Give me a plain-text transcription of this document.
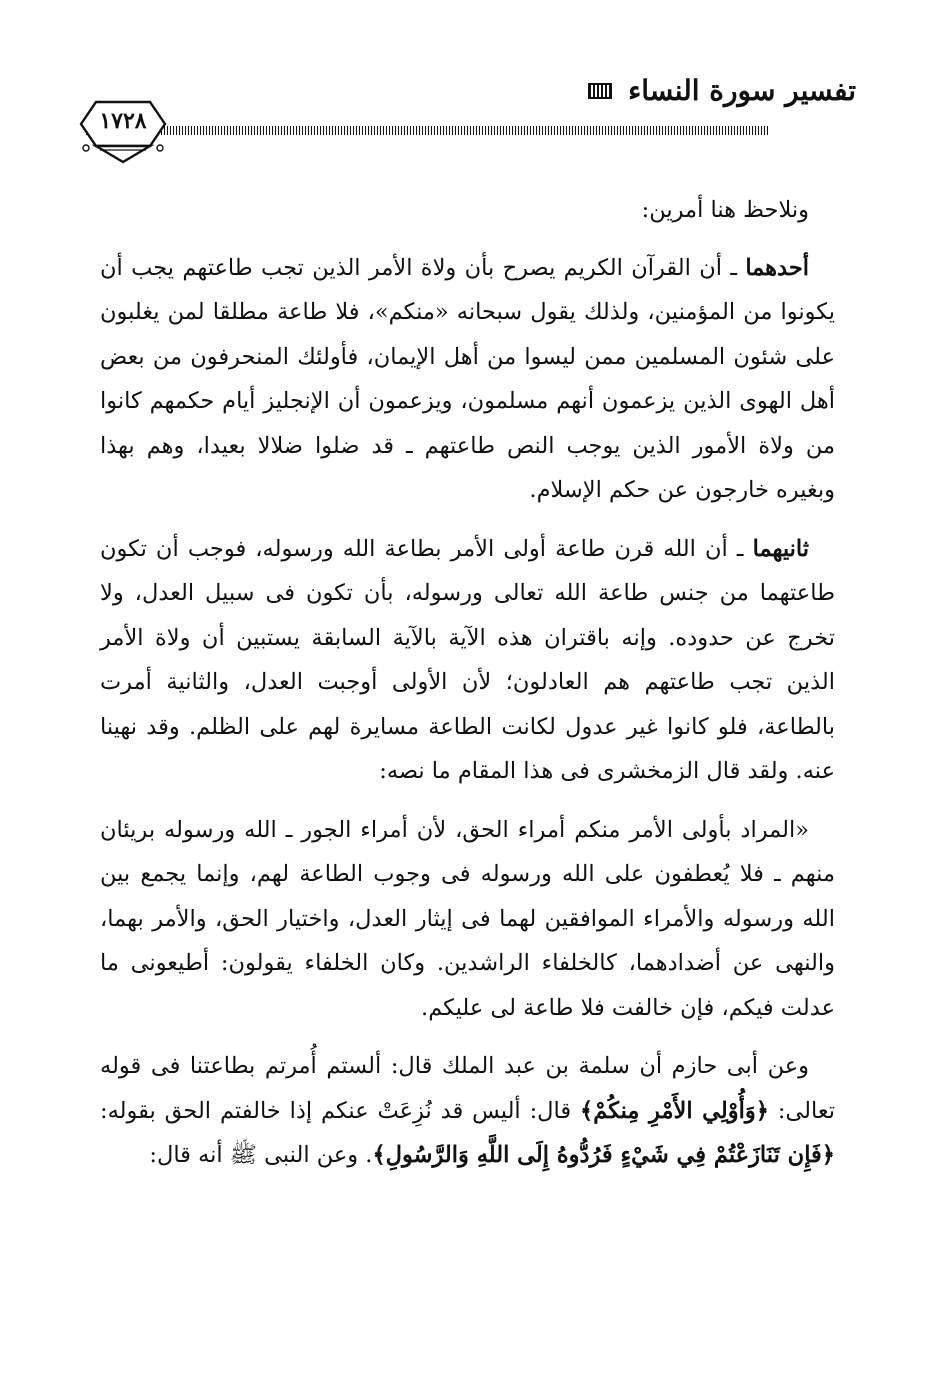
تفسير سورة النساء
١٧٢٨

ونلاحظ هنا أمرين:

أحدهما ـ أن القرآن الكريم يصرح بأن ولاة الأمر الذين تجب طاعتهم يجب أن يكونوا من المؤمنين، ولذلك يقول سبحانه «منكم»، فلا طاعة مطلقا لمن يغلبون على شئون المسلمين ممن ليسوا من أهل الإيمان، فأولئك المنحرفون من بعض أهل الهوى الذين يزعمون أنهم مسلمون، ويزعمون أن الإنجليز أيام حكمهم كانوا من ولاة الأمور الذين يوجب النص طاعتهم ـ قد ضلوا ضلالا بعيدا، وهم بهذا وبغيره خارجون عن حكم الإسلام.

ثانيهما ـ أن الله قرن طاعة أولى الأمر بطاعة الله ورسوله، فوجب أن تكون طاعتهما من جنس طاعة الله تعالى ورسوله، بأن تكون فى سبيل العدل، ولا تخرج عن حدوده. وإنه باقتران هذه الآية بالآية السابقة يستبين أن ولاة الأمر الذين تجب طاعتهم هم العادلون؛ لأن الأولى أوجبت العدل، والثانية أمرت بالطاعة، فلو كانوا غير عدول لكانت الطاعة مسايرة لهم على الظلم. وقد نهينا عنه. ولقد قال الزمخشرى فى هذا المقام ما نصه:

«المراد بأولى الأمر منكم أمراء الحق، لأن أمراء الجور ـ الله ورسوله بريئان منهم ـ فلا يُعطفون على الله ورسوله فى وجوب الطاعة لهم، وإنما يجمع بين الله ورسوله والأمراء الموافقين لهما فى إيثار العدل، واختيار الحق، والأمر بهما، والنهى عن أضدادهما، كالخلفاء الراشدين. وكان الخلفاء يقولون: أطيعونى ما عدلت فيكم، فإن خالفت فلا طاعة لى عليكم.

وعن أبى حازم أن سلمة بن عبد الملك قال: ألستم أُمرتم بطاعتنا فى قوله تعالى: ﴿وَأُوْلِي الأَمْرِ مِنكُمْ﴾ قال: أليس قد نُزِعَتْ عنكم إذا خالفتم الحق بقوله: ﴿فَإِن تَنَازَعْتُمْ فِي شَيْءٍ فَرُدُّوهُ إِلَى اللَّهِ وَالرَّسُولِ﴾. وعن النبى ﷺ أنه قال:
